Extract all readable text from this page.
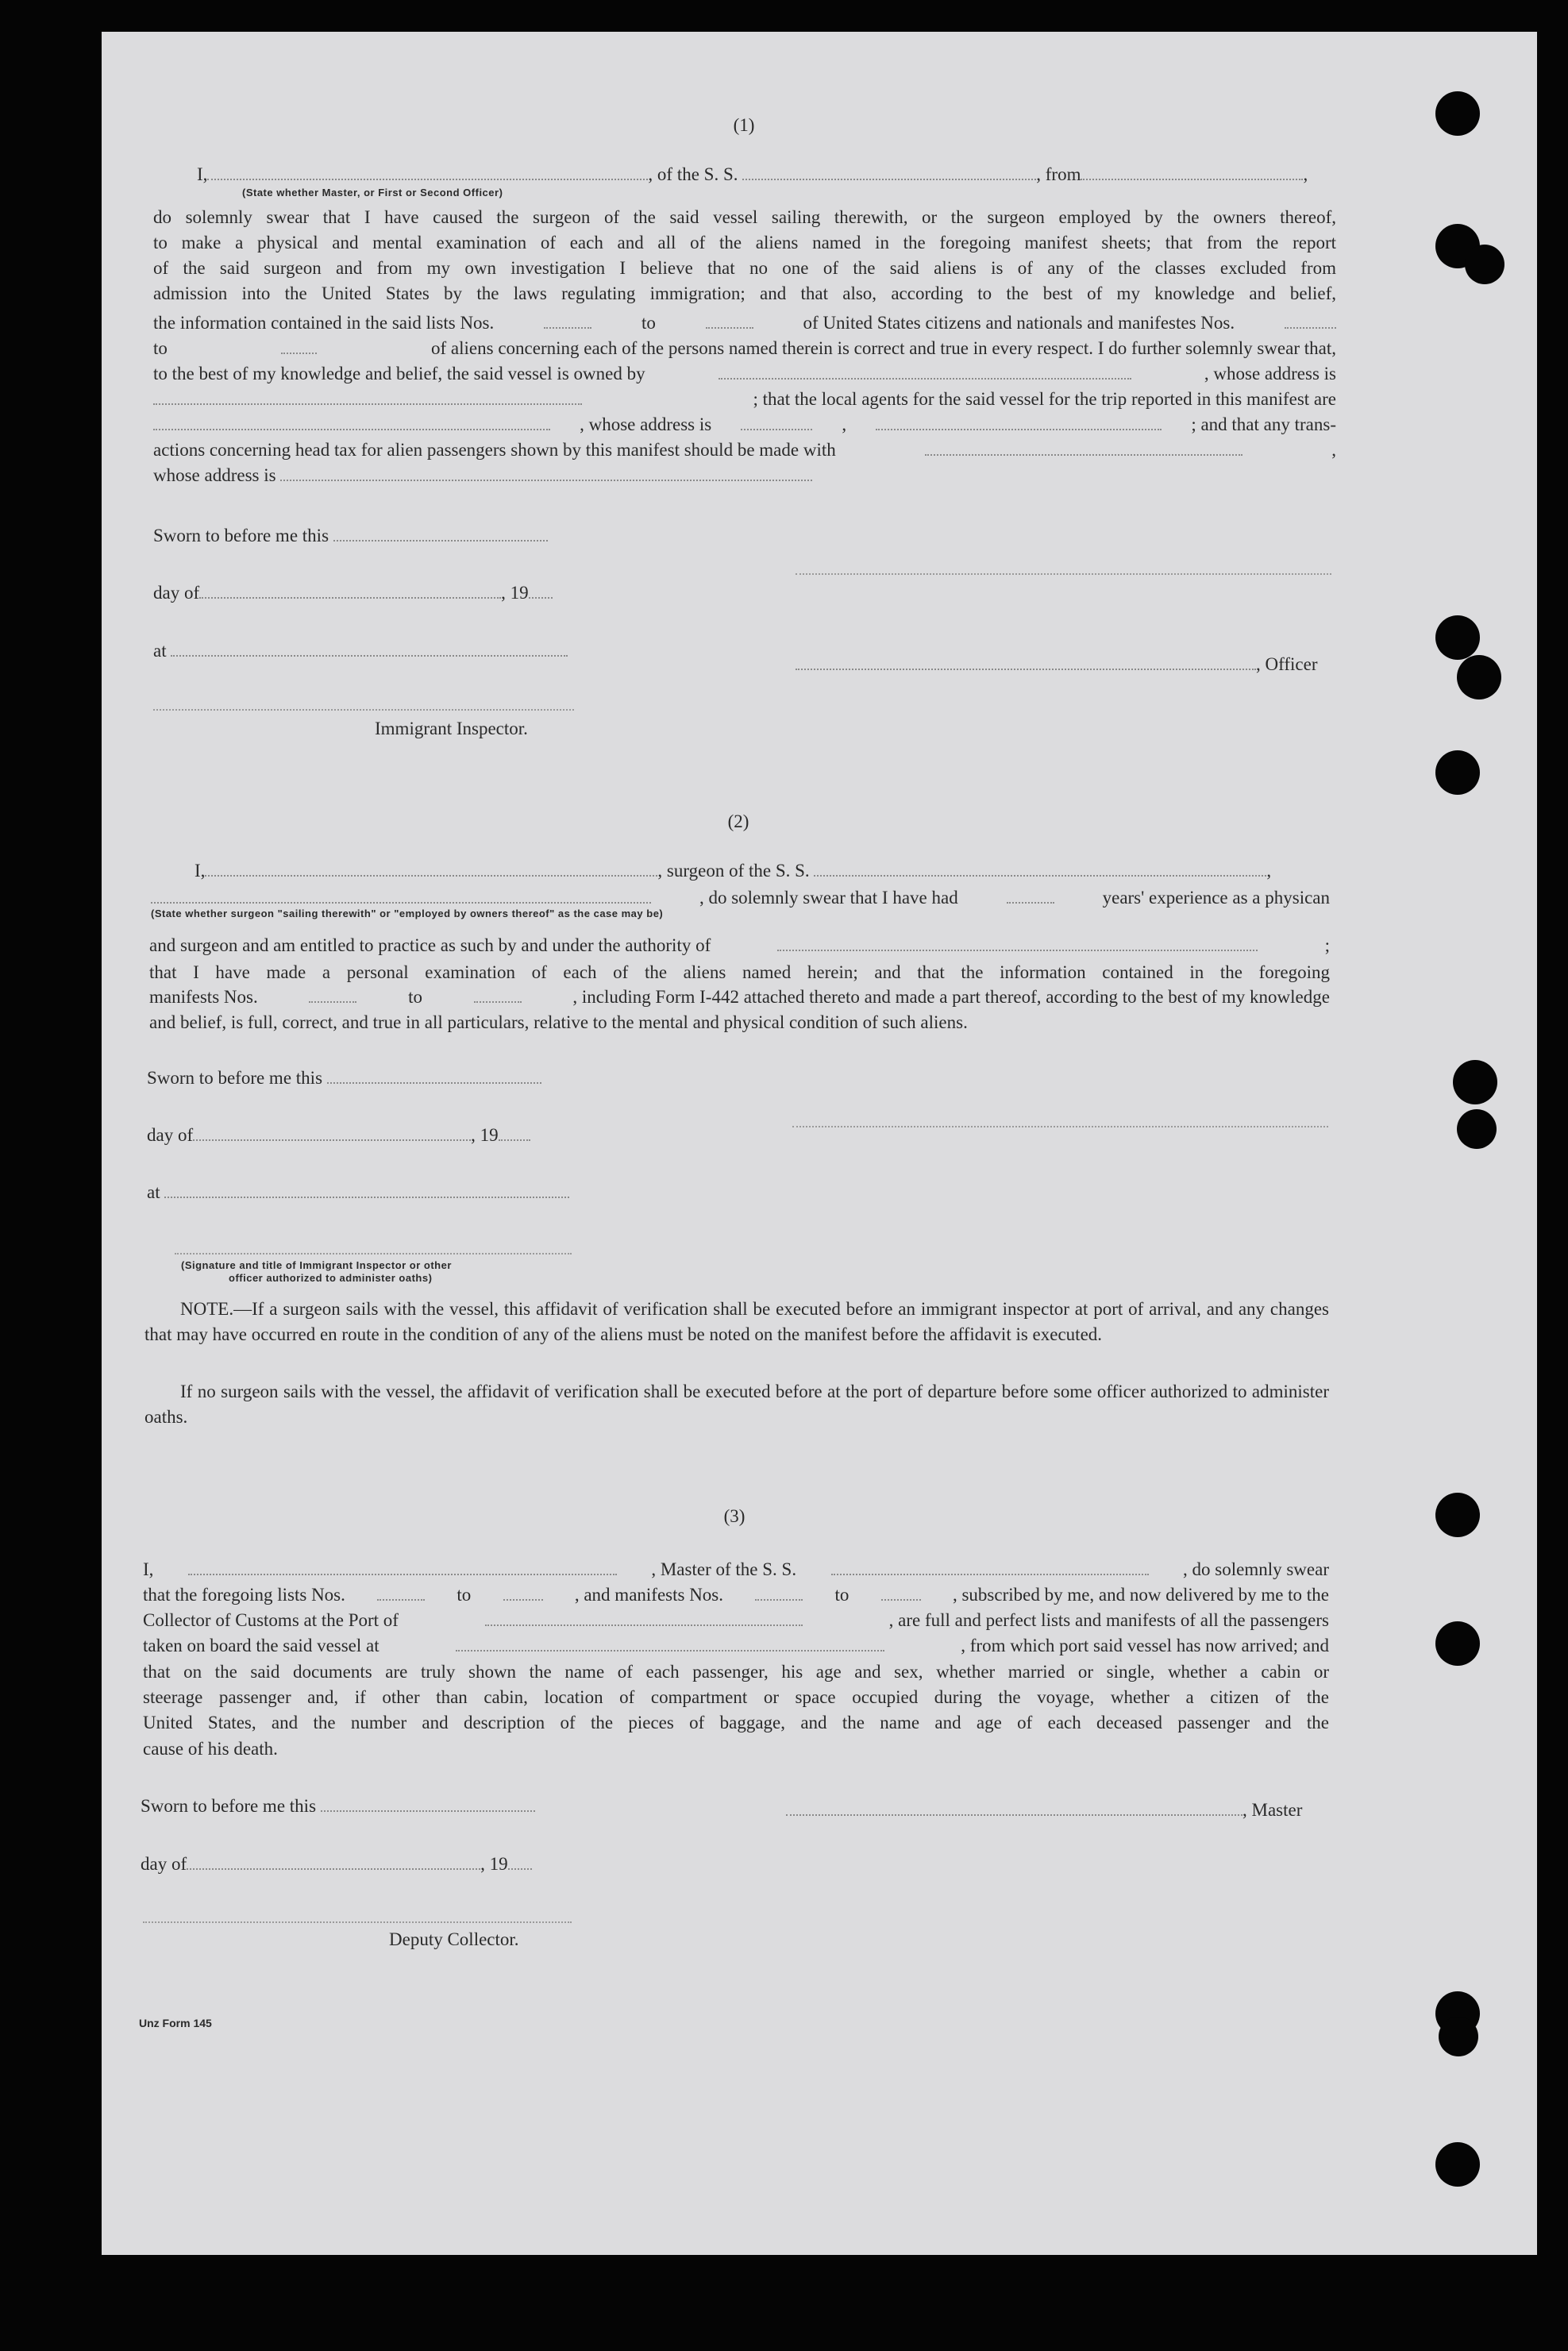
(1)
I,	, of the S. S.	, from	,
(State whether Master, or First or Second Officer)
do solemnly swear that I have caused the surgeon of the said vessel sailing therewith, or the surgeon employed by the owners thereof,
to make a physical and mental examination of each and all of the aliens named in the foregoing manifest sheets; that from the report
of the said surgeon and from my own investigation I believe that no one of the said aliens is of any of the classes excluded from
admission into the United States by the laws regulating immigration; and that also, according to the best of my knowledge and belief,
the information contained in the said lists Nos.	to	of United States citizens and nationals and manifestes Nos.
to	of aliens concerning each of the persons named therein is correct and true in every respect. I do further solemnly swear that,
to the best of my knowledge and belief, the said vessel is owned by	, whose address is
; that the local agents for the said vessel for the trip reported in this manifest are
, whose address is	,	; and that any trans-
actions concerning head tax for alien passengers shown by this manifest should be made with	,
whose address is
Sworn to before me this
day of	, 19
at
, Officer
Immigrant Inspector.
(2)
I,	, surgeon of the S. S.	,
, do solemnly swear that I have had	years' experience as a physican
(State whether surgeon "sailing therewith" or "employed by owners thereof" as the case may be)
and surgeon and am entitled to practice as such by and under the authority of	;
that I have made a personal examination of each of the aliens named herein; and that the information contained in the foregoing
manifests Nos.	to	, including Form I-442 attached thereto and made a part thereof, according to the best of my knowledge
and belief, is full, correct, and true in all particulars, relative to the mental and physical condition of such aliens.
Sworn to before me this
day of	, 19
at
(Signature and title of Immigrant Inspector or other
officer authorized to administer oaths)
NOTE.—If a surgeon sails with the vessel, this affidavit of verification shall be executed before an immigrant inspector at port of arrival, and any changes that may have occurred en route in the condition of any of the aliens must be noted on the manifest before the affidavit is executed.
If no surgeon sails with the vessel, the affidavit of verification shall be executed before at the port of departure before some officer authorized to administer oaths.
(3)
I,	, Master of the S. S.	, do solemnly swear
that the foregoing lists Nos.	to	, and manifests Nos.	to	, subscribed by me, and now delivered by me to the
Collector of Customs at the Port of	, are full and perfect lists and manifests of all the passengers
taken on board the said vessel at	, from which port said vessel has now arrived; and
that on the said documents are truly shown the name of each passenger, his age and sex, whether married or single, whether a cabin or
steerage passenger and, if other than cabin, location of compartment or space occupied during the voyage, whether a citizen of the
United States, and the number and description of the pieces of baggage, and the name and age of each deceased passenger and the
cause of his death.
Sworn to before me this	, Master
day of	, 19
Deputy Collector.
Unz Form 145
